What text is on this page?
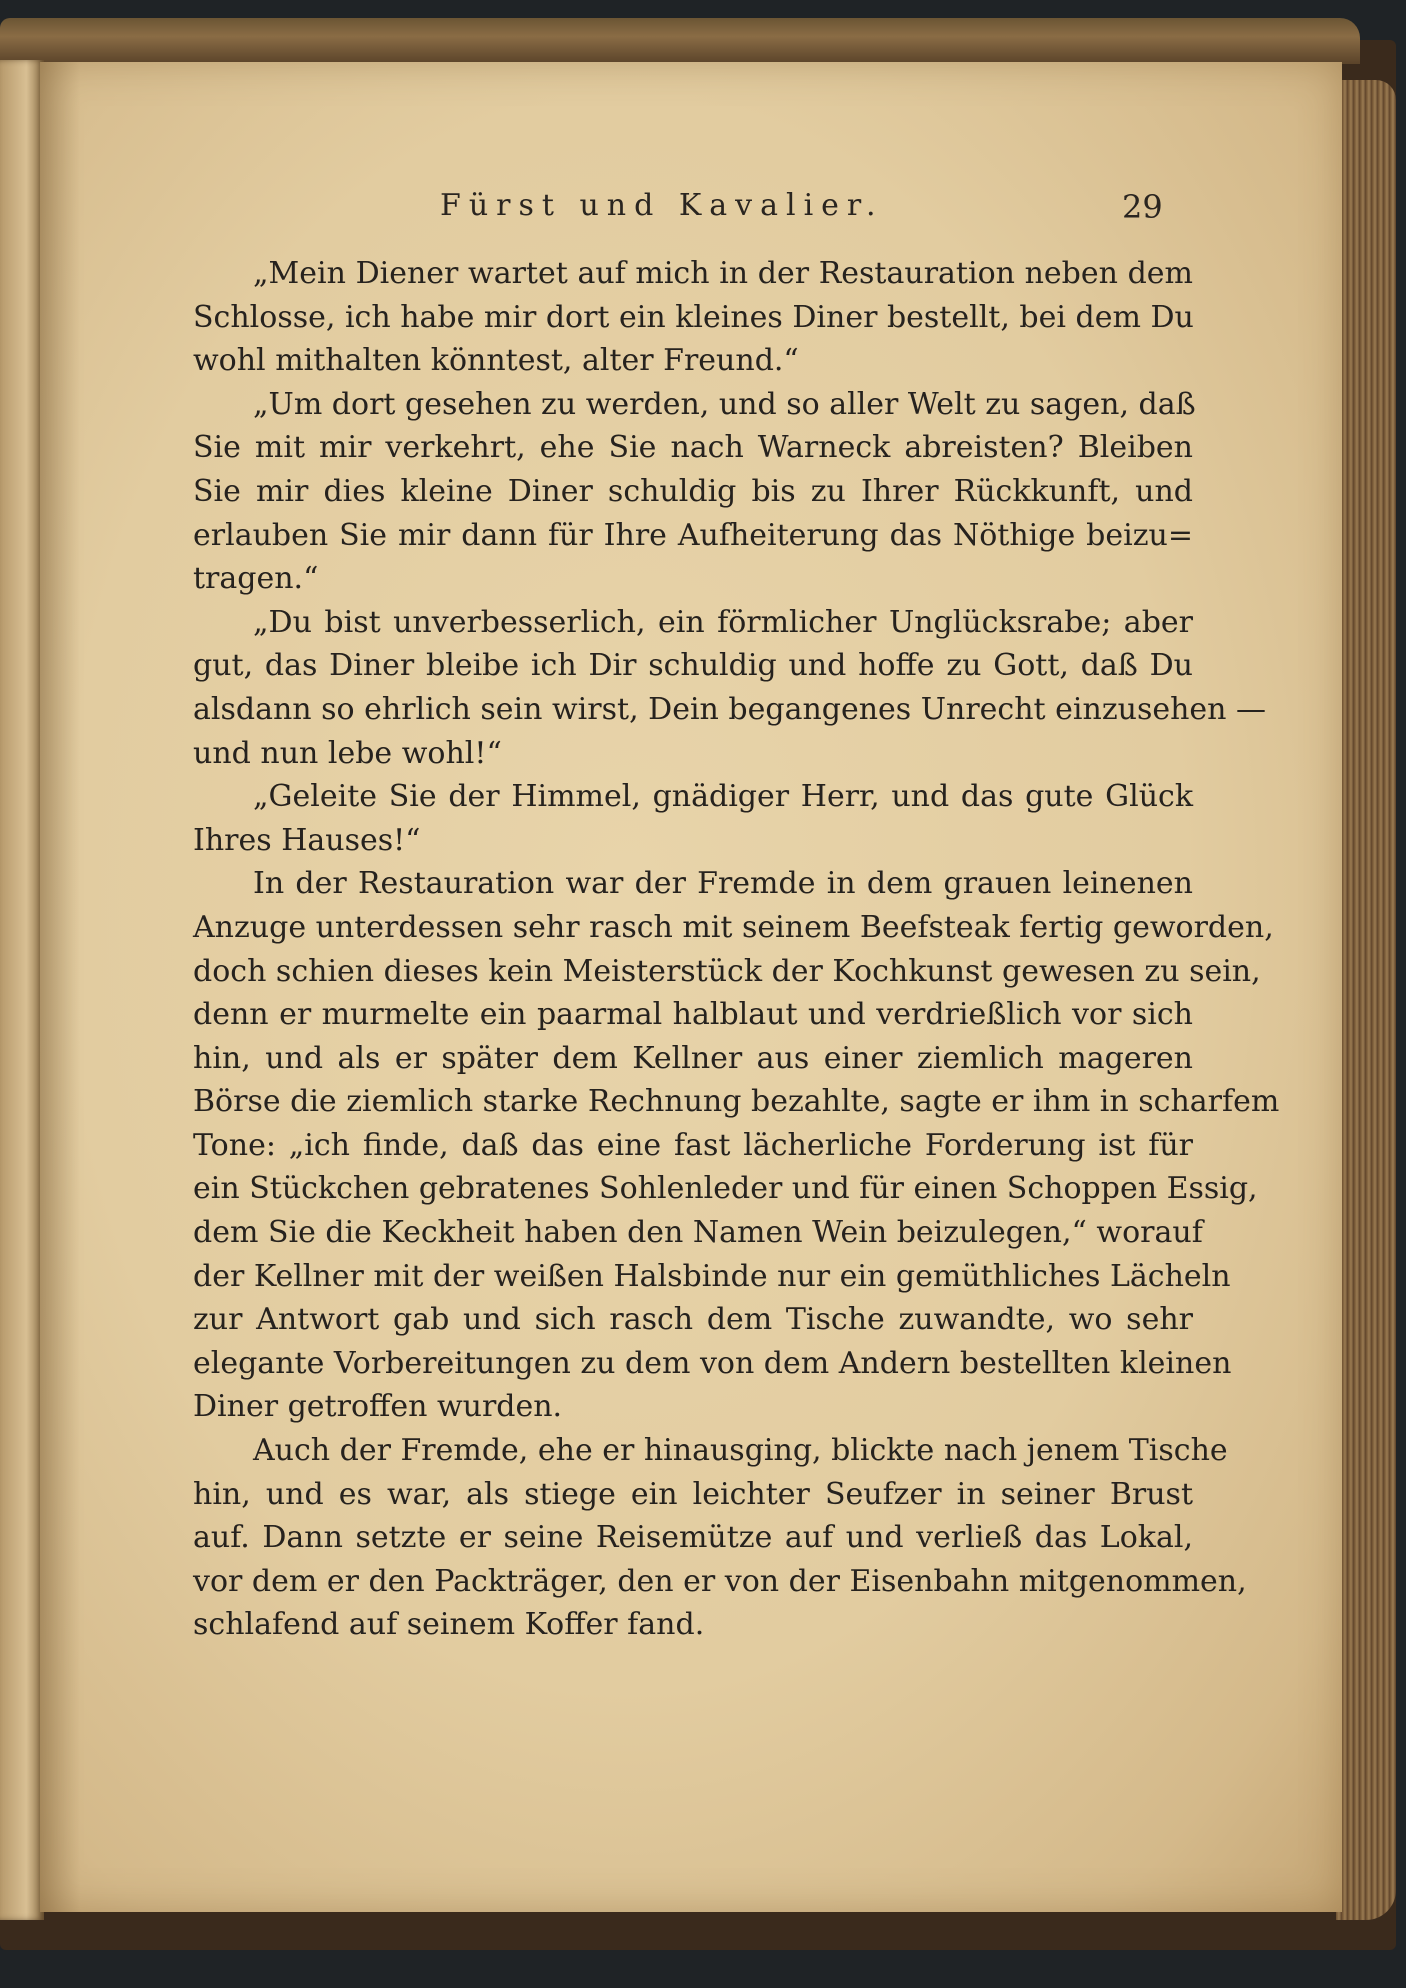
Fürst und Kavalier.	29

„Mein Diener wartet auf mich in der Restauration neben dem
Schlosse, ich habe mir dort ein kleines Diner bestellt, bei dem Du
wohl mithalten könntest, alter Freund.“

„Um dort gesehen zu werden, und so aller Welt zu sagen, daß
Sie mit mir verkehrt, ehe Sie nach Warneck abreisten? Bleiben
Sie mir dies kleine Diner schuldig bis zu Ihrer Rückkunft, und
erlauben Sie mir dann für Ihre Aufheiterung das Nöthige beizu=
tragen.“

„Du bist unverbesserlich, ein förmlicher Unglücksrabe; aber
gut, das Diner bleibe ich Dir schuldig und hoffe zu Gott, daß Du
alsdann so ehrlich sein wirst, Dein begangenes Unrecht einzusehen —
und nun lebe wohl!“

„Geleite Sie der Himmel, gnädiger Herr, und das gute Glück
Ihres Hauses!“

In der Restauration war der Fremde in dem grauen leinenen
Anzuge unterdessen sehr rasch mit seinem Beefsteak fertig geworden,
doch schien dieses kein Meisterstück der Kochkunst gewesen zu sein,
denn er murmelte ein paarmal halblaut und verdrießlich vor sich
hin, und als er später dem Kellner aus einer ziemlich mageren
Börse die ziemlich starke Rechnung bezahlte, sagte er ihm in scharfem
Tone: „ich finde, daß das eine fast lächerliche Forderung ist für
ein Stückchen gebratenes Sohlenleder und für einen Schoppen Essig,
dem Sie die Keckheit haben den Namen Wein beizulegen,“ worauf
der Kellner mit der weißen Halsbinde nur ein gemüthliches Lächeln
zur Antwort gab und sich rasch dem Tische zuwandte, wo sehr
elegante Vorbereitungen zu dem von dem Andern bestellten kleinen
Diner getroffen wurden.

Auch der Fremde, ehe er hinausging, blickte nach jenem Tische
hin, und es war, als stiege ein leichter Seufzer in seiner Brust
auf. Dann setzte er seine Reisemütze auf und verließ das Lokal,
vor dem er den Packträger, den er von der Eisenbahn mitgenommen,
schlafend auf seinem Koffer fand.
